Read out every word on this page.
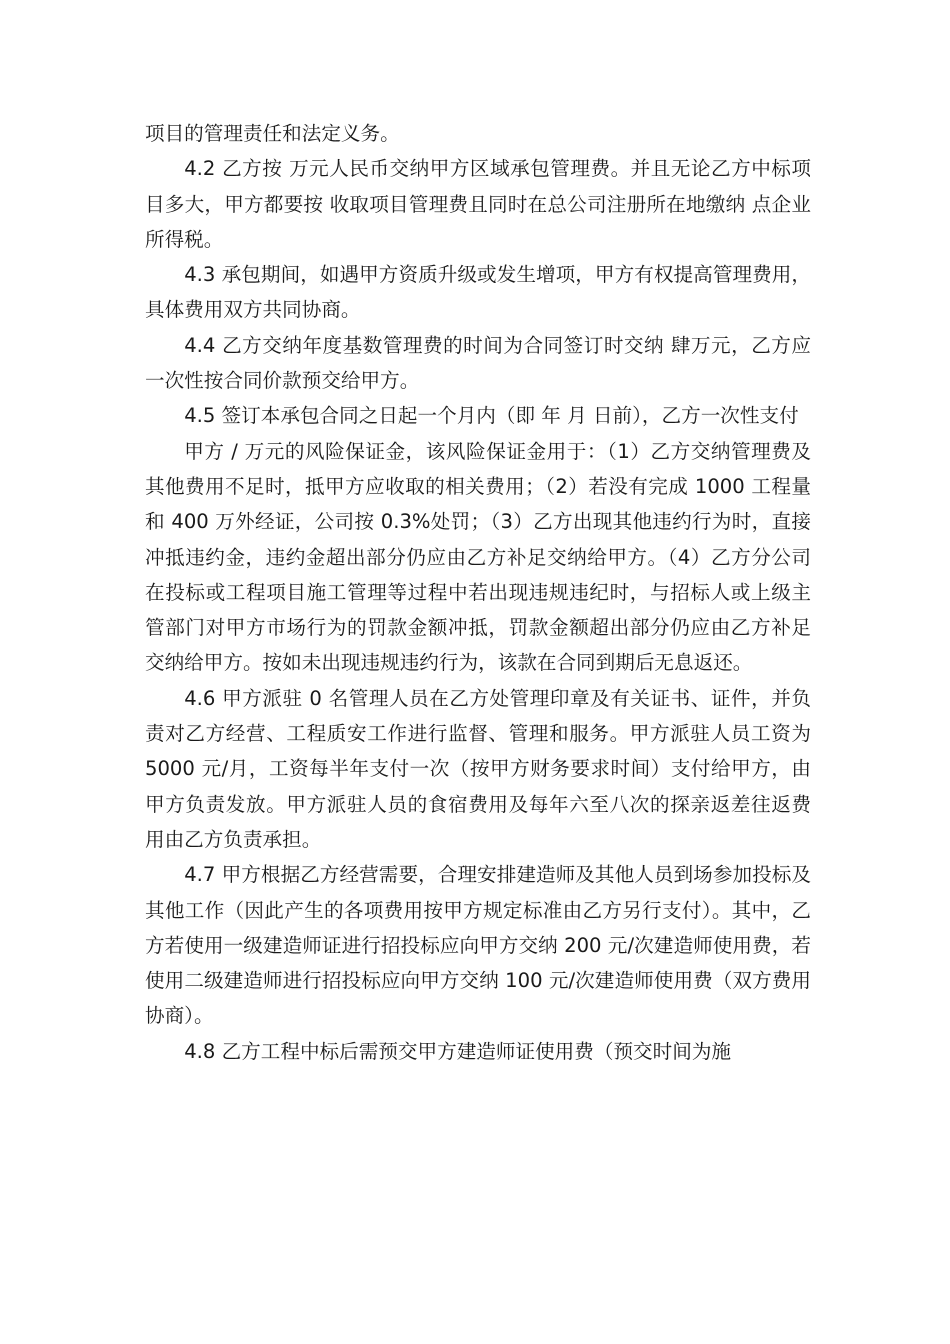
项目的管理责任和法定义务。

4.2 乙方按 万元人民币交纳甲方区域承包管理费。并且无论乙方中标项目多大，甲方都要按 收取项目管理费且同时在总公司注册所在地缴纳 点企业所得税。

4.3 承包期间，如遇甲方资质升级或发生增项，甲方有权提高管理费用，具体费用双方共同协商。

4.4 乙方交纳年度基数管理费的时间为合同签订时交纳 肆万元，乙方应一次性按合同价款预交给甲方。

4.5 签订本承包合同之日起一个月内（即 年 月 日前），乙方一次性支付

甲方 / 万元的风险保证金，该风险保证金用于：（1）乙方交纳管理费及其他费用不足时，抵甲方应收取的相关费用；（2）若没有完成 1000 工程量和 400 万外经证，公司按 0.3%处罚；（3）乙方出现其他违约行为时，直接冲抵违约金，违约金超出部分仍应由乙方补足交纳给甲方。（4）乙方分公司在投标或工程项目施工管理等过程中若出现违规违纪时，与招标人或上级主管部门对甲方市场行为的罚款金额冲抵，罚款金额超出部分仍应由乙方补足交纳给甲方。按如未出现违规违约行为，该款在合同到期后无息返还。

4.6 甲方派驻 0 名管理人员在乙方处管理印章及有关证书、证件，并负责对乙方经营、工程质安工作进行监督、管理和服务。甲方派驻人员工资为 5000 元/月，工资每半年支付一次（按甲方财务要求时间）支付给甲方，由甲方负责发放。甲方派驻人员的食宿费用及每年六至八次的探亲返差往返费用由乙方负责承担。

4.7 甲方根据乙方经营需要，合理安排建造师及其他人员到场参加投标及其他工作（因此产生的各项费用按甲方规定标准由乙方另行支付）。其中，乙方若使用一级建造师证进行招投标应向甲方交纳 200 元/次建造师使用费，若使用二级建造师进行招投标应向甲方交纳 100 元/次建造师使用费（双方费用协商）。

4.8 乙方工程中标后需预交甲方建造师证使用费（预交时间为施
